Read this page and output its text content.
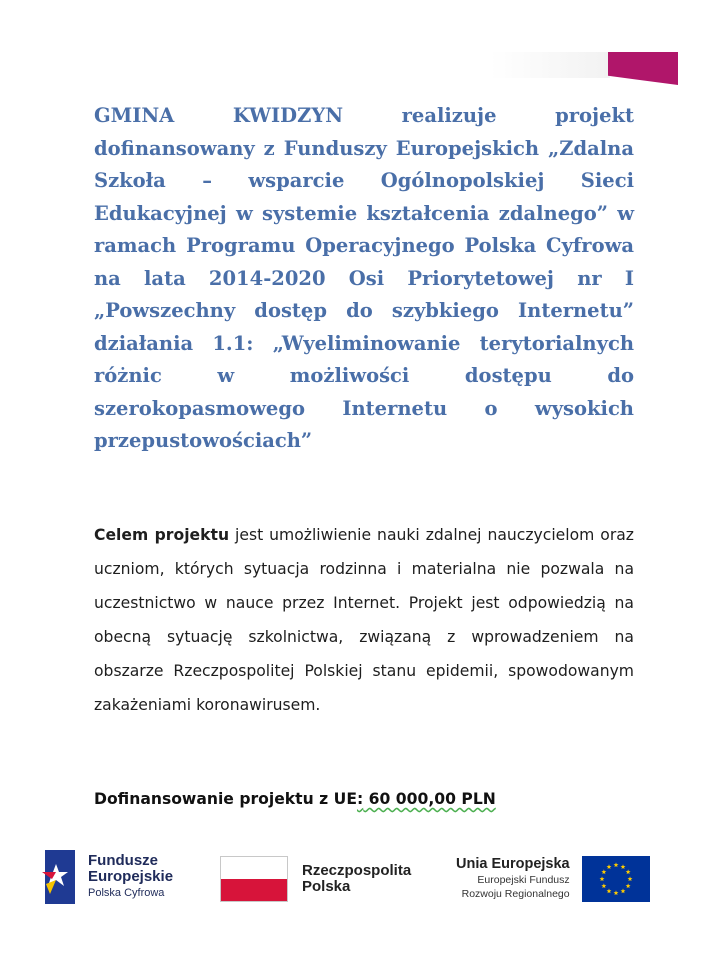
GMINA KWIDZYN realizuje projekt dofinansowany z Funduszy Europejskich „Zdalna Szkoła – wsparcie Ogólnopolskiej Sieci Edukacyjnej w systemie kształcenia zdalnego” w ramach Programu Operacyjnego Polska Cyfrowa na lata 2014-2020 Osi Priorytetowej nr I „Powszechny dostęp do szybkiego Internetu” działania 1.1: „Wyeliminowanie terytorialnych różnic w możliwości dostępu do szerokopasmowego Internetu o wysokich przepustowościach”

Celem projektu jest umożliwienie nauki zdalnej nauczycielom oraz uczniom, których sytuacja rodzinna i materialna nie pozwala na uczestnictwo w nauce przez Internet. Projekt jest odpowiedzią na obecną sytuację szkolnictwa, związaną z wprowadzeniem na obszarze Rzeczpospolitej Polskiej stanu epidemii, spowodowanym zakażeniami koronawirusem.

Dofinansowanie projektu z UE: 60 000,00 PLN

Fundusze
Europejskie
Polska Cyfrowa
Rzeczpospolita
Polska
Unia Europejska
Europejski Fundusz
Rozwoju Regionalnego
